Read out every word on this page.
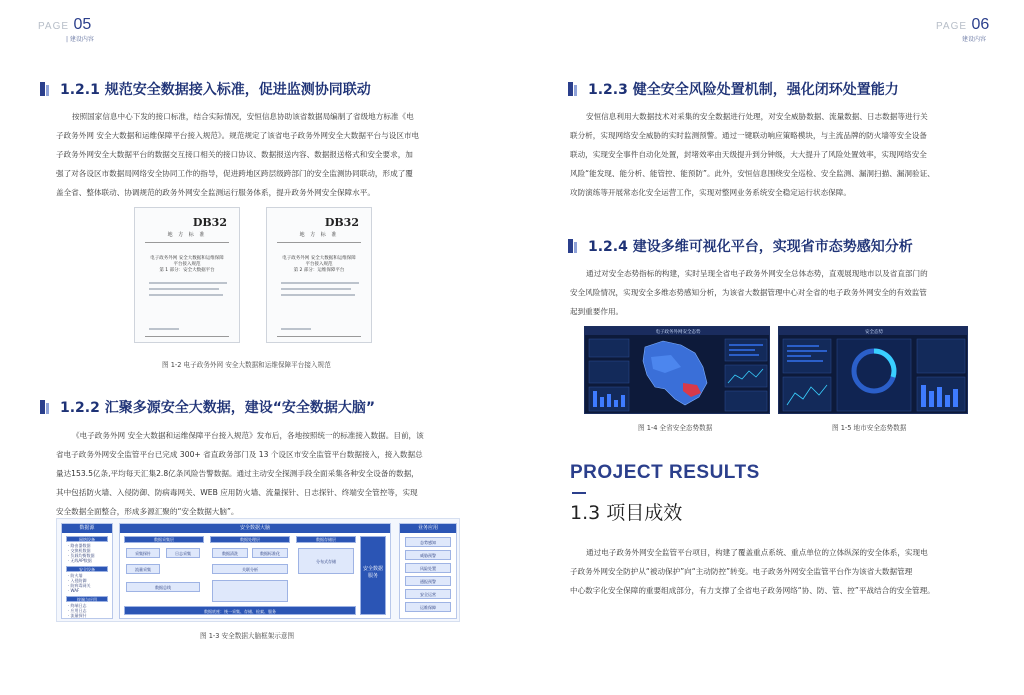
PAGE 05
| 建设内容
1.2.1 规范安全数据接入标准，促进监测协同联动
按照国家信息中心下发的接口标准，结合实际情况，安恒信息协助该省数据局编制了省级地方标准《电
子政务外网 安全大数据和运维保障平台接入规范》。规范规定了该省电子政务外网安全大数据平台与设区市电
子政务外网安全大数据平台的数据交互接口相关的接口协议、数据报送内容、数据报送格式和安全要求，加
强了对各设区市数据局网络安全协同工作的指导，促进跨地区跨层级跨部门的安全监测协同联动，形成了覆
盖全省、整体联动、协调规范的政务外网安全监测运行服务体系，提升政务外网安全保障水平。
DB32
地 方 标 准
电子政务外网 安全大数据和运维保障
平台接入规范
第 1 部分：安全大数据平台
DB32
地 方 标 准
电子政务外网 安全大数据和运维保障
平台接入规范
第 2 部分：运维保障平台
图 1-2 电子政务外网 安全大数据和运维保障平台接入规范
1.2.2 汇聚多源安全大数据，建设“安全数据大脑”
《电子政务外网 安全大数据和运维保障平台接入规范》发布后，各地按照统一的标准接入数据。目前，该
省电子政务外网安全监管平台已完成 300+ 省直政务部门及 13 个设区市安全监管平台数据接入，接入数据总
量达153.5亿条,平均每天汇集2.8亿条风险告警数据。通过主动安全探测手段全面采集各种安全设备的数据，
其中包括防火墙、入侵防御、防病毒网关、WEB 应用防火墙、流量探针、日志探针、终端安全管控等，实现
安全数据全面整合，形成多源汇聚的“安全数据大脑”。
数据源
网络设备
· 路由器数据
· 交换机数据
· 负载均衡数据
· 无线AP数据
安全设备
· 防火墙
· 入侵防御
· 防病毒网关
· WAF
终端与应用
· 终端日志
· 应用日志
· 流量探针
安全数据大脑
数据采集层	数据处理层	数据存储层
采集探针	日志采集
流量采集
数据清洗	数据标准化
关联分析
数据总线
分布式存储
数据底座：统一采集、存储、检索、服务
安全数据服务
业务应用
态势感知
威胁预警
风险处置
通报预警
安全运营
运维保障
图 1-3 安全数据大脑框架示意图
PAGE 06
建设内容
1.2.3 健全安全风险处置机制，强化闭环处置能力
安恒信息利用大数据技术对采集的安全数据进行处理，对安全威胁数据、流量数据、日志数据等进行关
联分析，实现网络安全威胁的实时监测预警。通过一键联动响应策略模块，与主流品牌的防火墙等安全设备
联动，实现安全事件自动化处置，封堵效率由天级提升到分钟级，大大提升了风险处置效率，实现网络安全
风险“能发现、能分析、能管控、能预防”。此外，安恒信息围绕安全巡检、安全监测、漏洞扫描、漏洞验证、
攻防演练等开展常态化安全运营工作，实现对整网业务系统安全稳定运行状态保障。
1.2.4 建设多维可视化平台，实现省市态势感知分析
通过对安全态势指标的构建，实时呈现全省电子政务外网安全总体态势，直观展现地市以及省直部门的
安全风险情况，实现安全多维态势感知分析，为该省大数据管理中心对全省的电子政务外网安全的有效监管
起到重要作用。
电子政务外网安全态势	安全态势
图 1-4 全省安全态势数据	图 1-5 地市安全态势数据
PROJECT RESULTS
1.3 项目成效
通过电子政务外网安全监管平台项目，构建了覆盖重点系统、重点单位的立体纵深的安全体系，实现电
子政务外网安全防护从“被动保护”向“主动防控”转变。电子政务外网安全监管平台作为该省大数据管理
中心数字化安全保障的重要组成部分，有力支撑了全省电子政务网络“协、防、管、控”平战结合的安全管理。
